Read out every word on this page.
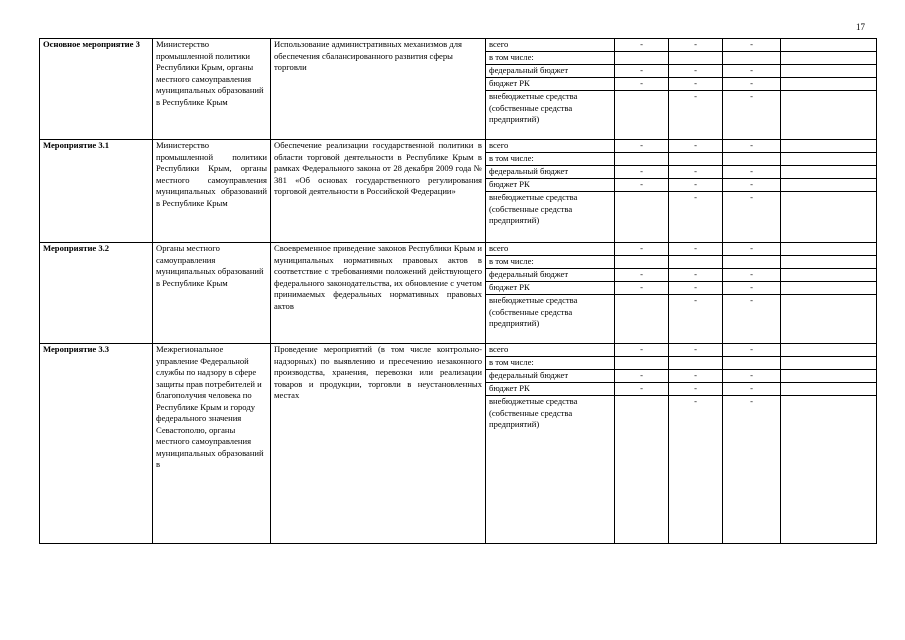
17
Основное мероприятие 3	Министерство промышленной политики Республики Крым, органы местного самоуправления муниципальных образований в Республике Крым	Использование административных механизмов для обеспечения сбалансированного развития сферы торговли	всего	-	-	-	
			в том числе:				
			федеральный бюджет	-	-	-	
			бюджет РК	-	-	-	
			внебюджетные средства (собственные средства предприятий)		-	-	
Мероприятие 3.1	Министерство промышленной политики Республики Крым, органы местного самоуправления муниципальных образований в Республике Крым	Обеспечение реализации государственной политики в области торговой деятельности в Республике Крым в рамках Федерального закона от 28 декабря 2009 года № 381 «Об основах государственного регулирования торговой деятельности в Российской Федерации»	всего	-	-	-	
			в том числе:				
			федеральный бюджет	-	-	-	
			бюджет РК	-	-	-	
			внебюджетные средства (собственные средства предприятий)		-	-	
Мероприятие 3.2	Органы местного самоуправления муниципальных образований в Республике Крым	Своевременное приведение законов Республики Крым и муниципальных нормативных правовых актов в соответствие с требованиями положений действующего федерального законодательства, их обновление с учетом принимаемых федеральных нормативных правовых актов	всего	-	-	-	
			в том числе:				
			федеральный бюджет	-	-	-	
			бюджет РК	-	-	-	
			внебюджетные средства (собственные средства предприятий)		-	-	
Мероприятие 3.3	Межрегиональное управление Федеральной службы по надзору в сфере защиты прав потребителей и благополучия человека по Республике Крым и городу федерального значения Севастополю, органы местного самоуправления муниципальных образований в	Проведение мероприятий (в том числе контрольно-надзорных) по выявлению и пресечению незаконного производства, хранения, перевозки или реализации товаров и продукции, торговли в неустановленных местах	всего	-	-	-	
			в том числе:				
			федеральный бюджет	-	-	-	
			бюджет РК	-	-	-	
			внебюджетные средства (собственные средства предприятий)		-	-	
